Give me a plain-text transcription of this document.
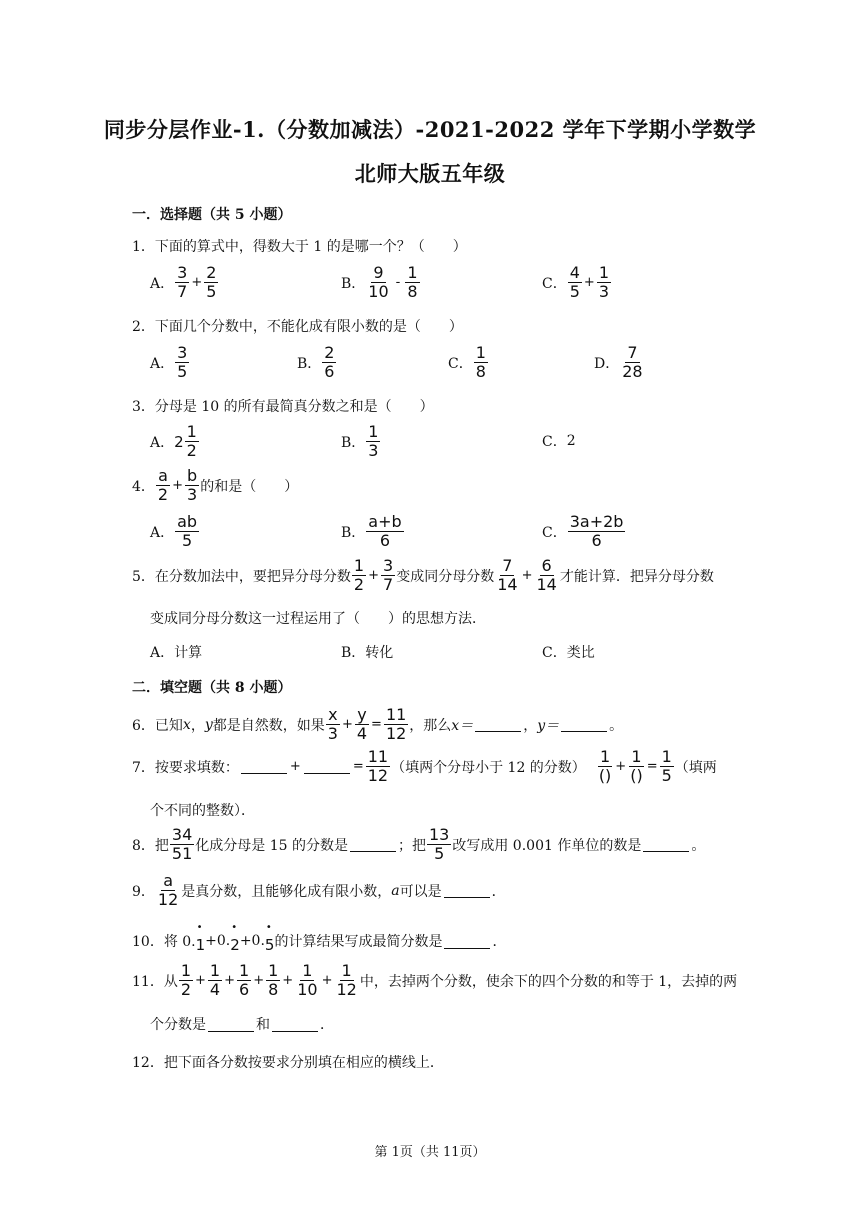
同步分层作业-1.（分数加减法）-2021-2022 学年下学期小学数学
北师大版五年级
一．选择题（共 5 小题）
1．下面的算式中，得数大于 1 的是哪一个？（　　）
A． $\frac{3}{7} + \frac{2}{5}$	B． $\frac{9}{10} - \frac{1}{8}$	C． $\frac{4}{5} + \frac{1}{3}$
2．下面几个分数中，不能化成有限小数的是（　　）
A． $\frac{3}{5}$	B． $\frac{2}{6}$	C． $\frac{1}{8}$	D． $\frac{7}{28}$
3．分母是 10 的所有最简真分数之和是（　　）
A． $2 \frac{1}{2}$	B． $\frac{1}{3}$	C． 2
4． $\frac{a}{2} + \frac{b}{3}$ 的和是（　　）
A． $\frac{ab}{5}$	B． $\frac{a+b}{6}$	C． $\frac{3a+2b}{6}$
5．在分数加法中，要把异分母分数 $\frac{1}{2} + \frac{3}{7}$ 变成同分母分数 $\frac{7}{14} + \frac{6}{14}$ 才能计算．把异分母分数
变成同分母分数这一过程运用了（　　）的思想方法．
A．计算	B．转化	C．类比
二．填空题（共 8 小题）
6．已知 x ， y 都是自然数，如果 $\frac{x}{3} + \frac{y}{4} = \frac{11}{12}$ ，那么 x＝	， y＝	。
7．按要求填数：	+	= $\frac{11}{12}$ （填两个分母小于 12 的分数） $\frac{1}{()} + \frac{1}{()} = \frac{1}{5}$ （填两
个不同的整数）．
8．把 $\frac{34}{51}$ 化成分母是 15 的分数是	；把 $\frac{13}{5}$ 改写成用 0.001 作单位的数是	。
9． $\frac{a}{12}$ 是真分数，且能够化成有限小数， a 可以是	．
10．将 0. • 1 +0. • 2 +0. • 5 的计算结果写成最简分数是	．
11．从 $\frac{1}{2} + \frac{1}{4} + \frac{1}{6} + \frac{1}{8} + \frac{1}{10} + \frac{1}{12}$ 中，去掉两个分数，使余下的四个分数的和等于 1，去掉的两
个分数是	和	．
12．把下面各分数按要求分别填在相应的横线上．
第 1页（共 11页）
